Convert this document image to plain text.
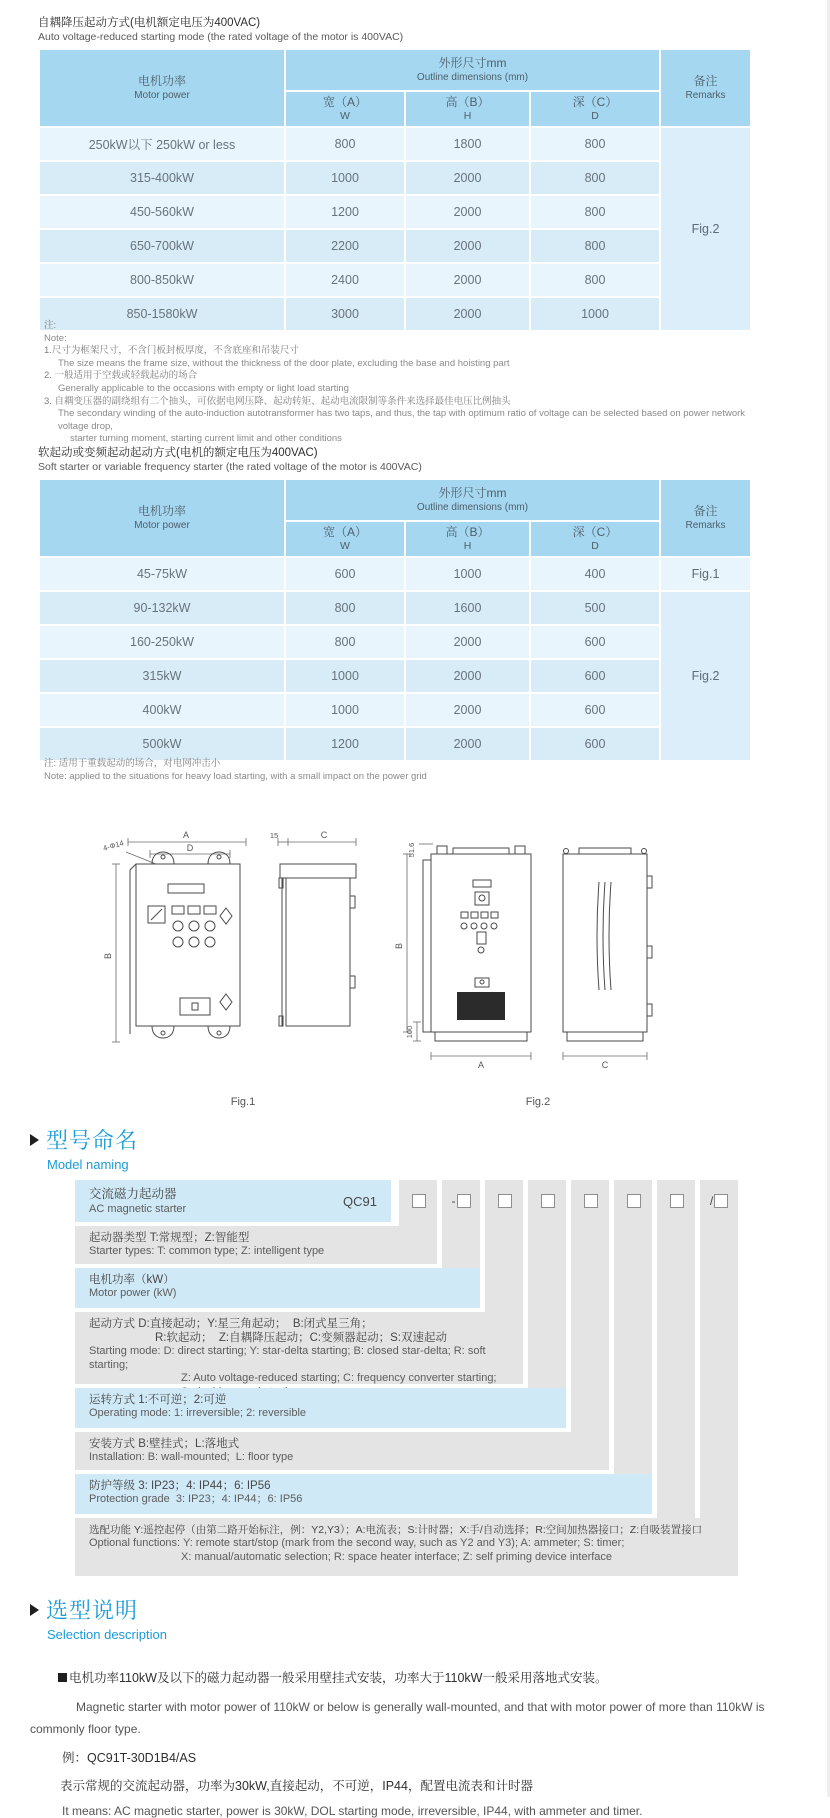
自耦降压起动方式(电机额定电压为400VAC)
Auto voltage-reduced starting mode (the rated voltage of the motor is 400VAC)
电机功率
Motor power

外形尺寸mm
Outline dimensions (mm)	备注
Remarks

宽（A）
W

高（B）
H

深（C）
D

250kW以下 250kW or less	800	1800	800	Fig.2
315-400kW	1000	2000	800	
450-560kW	1200	2000	800	
650-700kW	2200	2000	800	
800-850kW	2400	2000	800	
850-1580kW	3000	2000	1000	
注:
Note:
1.尺寸为框架尺寸，不含门板封板厚度，不含底座和吊装尺寸
The size means the frame size, without the thickness of the door plate, excluding the base and hoisting part
2. 一般适用于空载或轻载起动的场合
Generally applicable to the occasions with empty or light load starting
3. 自耦变压器的副绕组有二个抽头，可依据电网压降、起动转矩、起动电流限制等条件来选择最佳电压比例抽头
The secondary winding of the auto-induction autotransformer has two taps, and thus, the tap with optimum ratio of voltage can be selected based on power network voltage drop,
starter turning moment, starting current limit and other conditions
软起动或变频起动起动方式(电机的额定电压为400VAC)
Soft starter or variable frequency starter (the rated voltage of the motor is 400VAC)
电机功率
Motor power

外形尺寸mm
Outline dimensions (mm)	备注
Remarks

宽（A）
W

高（B）
H

深（C）
D

45-75kW	600	1000	400	Fig.1
90-132kW	800	1600	500	Fig.2
160-250kW	800	2000	600	
315kW	1000	2000	600	
400kW	1000	2000	600	
500kW	1200	2000	600	
注: 适用于重载起动的场合，对电网冲击小
Note: applied to the situations for heavy load starting, with a small impact on the power grid
A
D
4-Φ14
B
15	C
Fig.1
51.6
B
100
A	C
Fig.2
型号命名
Model naming
交流磁力起动器
AC magnetic starter	QC91	-	/
起动器类型 T:常规型；Z:智能型
Starter types: T: common type; Z: intelligent type
电机功率（kW）
Motor power (kW)
起动方式 D:直接起动；Y:星三角起动；  B:闭式星三角；
R:软起动；  Z:自耦降压起动；C:变频器起动；S:双速起动
Starting mode: D: direct starting; Y: star-delta starting; B: closed star-delta; R: soft starting;
Z: Auto voltage-reduced starting; C: frequency converter starting;
运转方式 1:不可逆；2:可逆
Operating mode: 1: irreversible; 2: reversible
安装方式 B:壁挂式；L:落地式
Installation: B: wall-mounted;  L: floor type
防护等级 3: IP23；4: IP44；6: IP56
Protection grade  3: IP23；4: IP44；6: IP56
选配功能 Y:遥控起停（由第二路开始标注，例：Y2,Y3）；A:电流表；S:计时器；X:手/自动选择；R:空间加热器接口；Z:自吸装置接口
Optional functions: Y: remote start/stop (mark from the second way, such as Y2 and Y3); A: ammeter; S: timer;
X: manual/automatic selection; R: space heater interface; Z: self priming device interface
选型说明
Selection description
电机功率110kW及以下的磁力起动器一般采用壁挂式安装，功率大于110kW一般采用落地式安装。
Magnetic starter with motor power of 110kW or below is generally wall-mounted, and that with motor power of more than 110kW is commonly floor type.
例：QC91T-30D1B4/AS
表示常规的交流起动器，功率为30kW,直接起动，不可逆，IP44，配置电流表和计时器
It means: AC magnetic starter, power is 30kW, DOL starting mode, irreversible, IP44, with ammeter and timer.
